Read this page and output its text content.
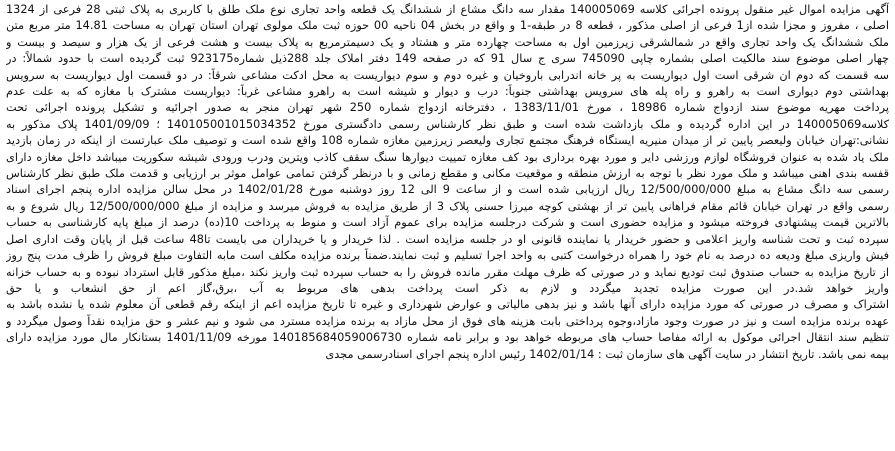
آگهی مزایده اموال غیر منقول پرونده اجرائی کلاسه 140005069 مقدار سه دانگ مشاع از ششدانگ یک قطعه واحد تجاری نوع ملک طلق با کاربری به پلاک ثبتی 28 فرعی از 1324
اصلی ، مفروز و مجزا شده از1 فرعی از اصلی مذکور ، قطعه 8 در طبقه-1 و واقع در بخش 04 ناحیه 00 حوزه ثبت ملک مولوی تهران استان تهران به مساحت 14.81 متر مربع متن
ملک ششدانگ یک واحد تجاری واقع در شمالشرقی زیرزمین اول به مساحت چهارده متر و هشتاد و یک دسیمترمربع به پلاک بیست و هشت فرعی از یک هزار و سیصد و بیست و
چهار اصلی موضوع سند مالکیت اصلی بشماره چاپی 745090 سری ج سال 91 که در صفحه 149 دفتر املاک جلد 288ذیل شماره923175 ثبت گردیده است با حدود شمالاً: در
سه قسمت که دوم ان شرقی است اول دیواریست به پر خانه اندرابی باروخیان و غیره دوم و سوم دیواریست به محل ادکت مشاعی شرقاً: در دو قسمت اول دیواریست به سرویس
بهداشتی دوم دیواری است به راهرو و راه پله های سرویس بهداشتی جنوباً: درب و دیوار و شیشه است به راهرو مشاعی غرباً: دیواریست مشترک با مغازه که به علت عدم
پرداخت مهریه موضوع سند ازدواج شماره 18986 ، مورخ 1383/11/01 ، دفترخانه ازدواج شماره 250 شهر تهران منجر به صدور اجرائیه و تشکیل پرونده اجرائی تحت
کلاسه140005069 در این اداره گردیده و ملک بازداشت شده است و طبق نظر کارشناس رسمی دادگستری مورخ 140105001015034352 ؛ 1401/09/09 پلاک مذکور به
نشانی:تهران خیابان ولیعصر پایین تر از میدان منیریه ایستگاه فرهنگ مجتمع تجاری ولیعصر زیرزمین مغازه شماره 108 واقع شده است و توصیف ملک عبارتست از اینکه در زمان بازدید
ملک یاد شده به عنوان فروشگاه لوازم ورزشی دایر و مورد بهره برداری بود کف مغازه تمییت دیوارها سنگ سقف کاذب ویترین ودرب ورودی شیشه سکوریت میباشد داخل مغازه دارای
قفسه بندی اهنی میباشد و ملک مورد نظر با توجه به ارزش منطقه و موقعیت مکانی و مقطع زمانی و با درنظر گرفتن تمامی عوامل موثر بر ارزیابی و قدمت ملک طبق نظر کارشناس
رسمی سه دانگ مشاع به مبلغ 12/500/000/000 ریال ارزیابی شده است و از ساعت 9 الی 12 روز دوشنبه مورخ 1402/01/28 در محل سالن مزایده اداره پنجم اجرای اسناد
رسمی واقع در تهران خیابان قائم مقام فراهانی پایین تر از بهشتی کوچه میرزا حسنی پلاک 3 از طریق مزایده به فروش میرسد و مزایده از مبلغ 12/500/000/000 ریال شروع و به
بالاترین قیمت پیشنهادی فروخته میشود و مزایده حضوری است و شرکت درجلسه مزایده برای عموم آزاد است و منوط به پرداخت 10(ده) درصد از مبلغ پایه کارشناسی به حساب
سپرده ثبت و تحت شناسه واریز اعلامی و حضور خریدار یا نماینده قانونی او در جلسه مزایده است . لذا خریدار و یا خریداران می بایست تا48 ساعت قبل از پایان وقت اداری اصل
فیش واریزی مبلغ ودیعه ده درصد به نام خود را همراه درخواست کتبی به واحد اجرا تسلیم و ثبت نمایند.ضمناً برنده مزایده مکلف است مابه التفاوت مبلغ فروش را ظرف مدت پنج روز
از تاریخ مزایده به حساب صندوق ثبت تودیع نماید و در صورتی که ظرف مهلت مقرر مانده فروش را به حساب سپرده ثبت واریز نکند ،مبلغ مذکور قابل استرداد نبوده و به حساب خزانه
واریز خواهد شد.در این صورت مزایده تجدید میگردد و لازم به ذکر است پرداخت بدهی های مربوط به آب ،برق،گاز اعم از حق انشعاب و یا حق
اشتراک و مصرف در صورتی که مورد مزایده دارای آنها باشد و نیز بدهی مالیاتی و عوارض شهرداری و غیره تا تاریخ مزایده اعم از اینکه رقم قطعی آن معلوم شده یا نشده باشد به
عهده برنده مزایده است و نیز در صورت وجود مازاد،وجوه پرداختی بابت هزینه های فوق از محل مازاد به برنده مزایده مسترد می شود و نیم عشر و حق مزایده نقداً وصول میگردد و
تنظیم سند انتقال اجرائی موکول به ارائه مفاصا حساب های مربوطه خواهد بود و برابر نامه شماره 140185684059006730 مورخه 1401/11/09 بستانکار مال مورد مزایده دارای
بیمه نمی باشد. تاریخ انتشار در سایت آگهی های سازمان ثبت : 1402/01/14 رئیس اداره پنجم اجرای اسنادرسمی مجدی
